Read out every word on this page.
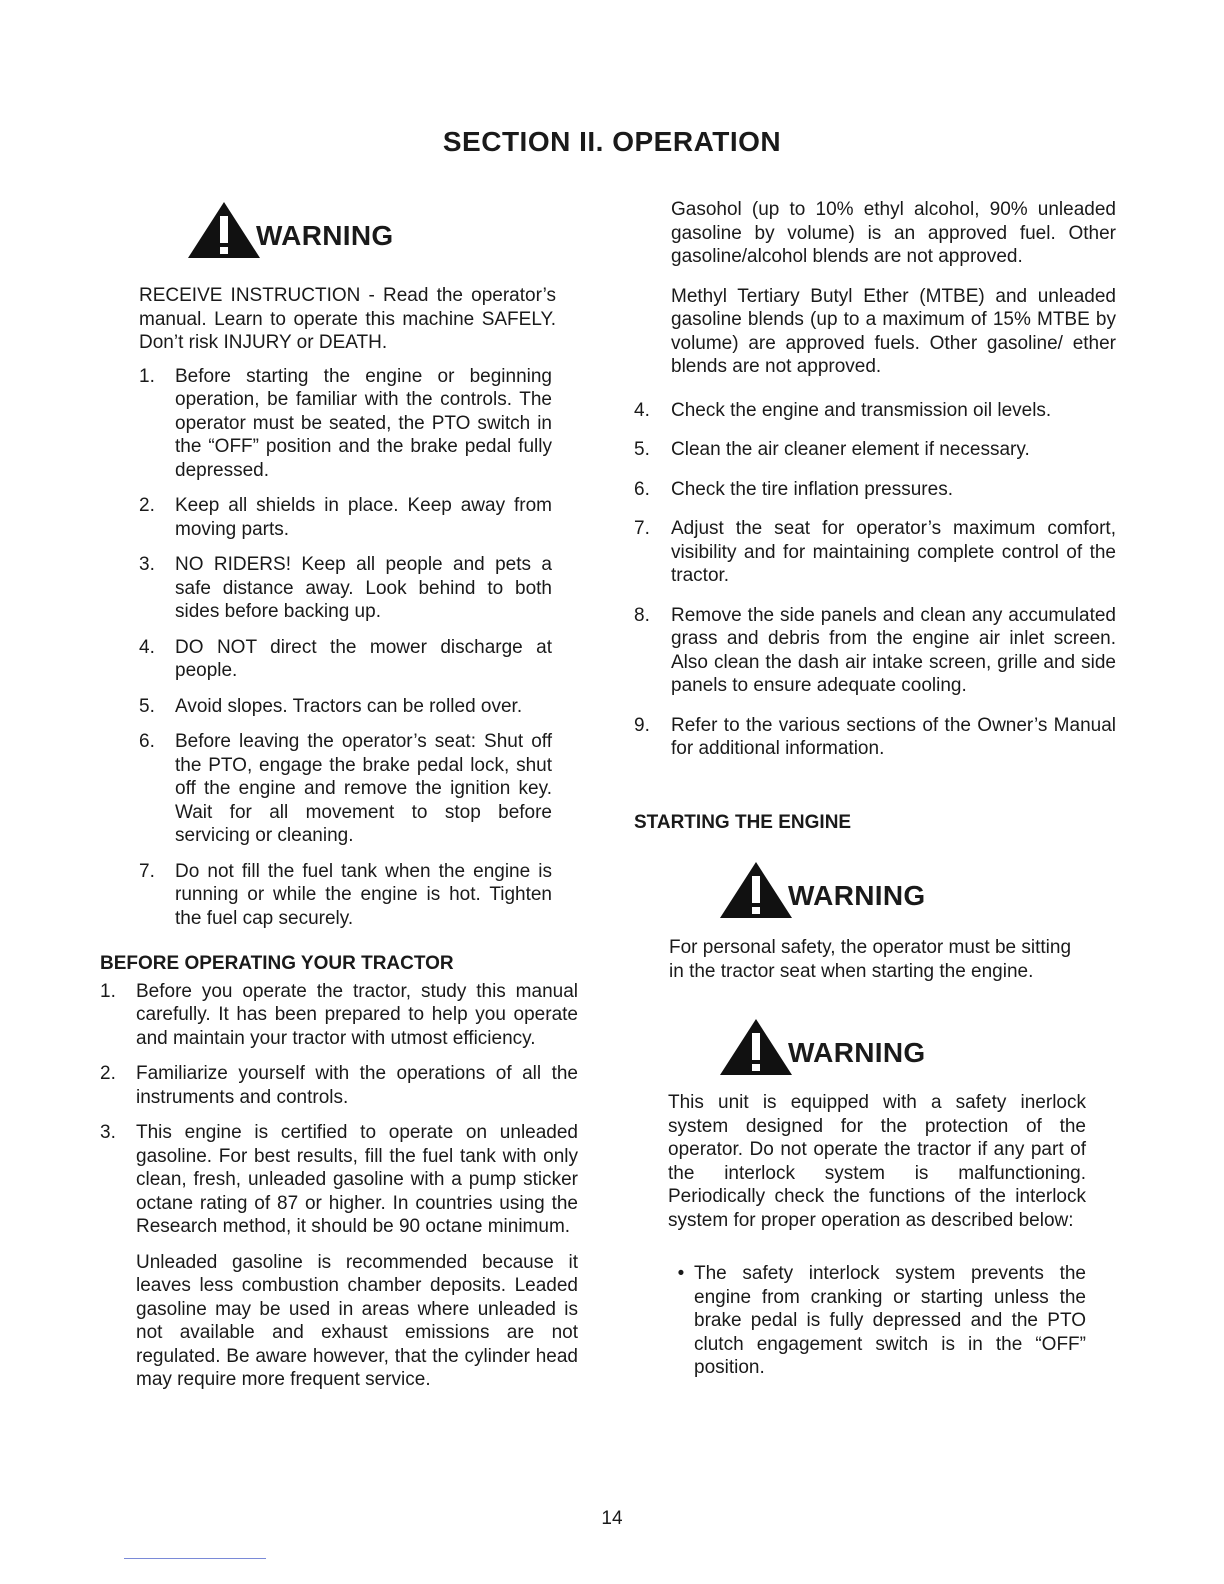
SECTION II. OPERATION
WARNING

RECEIVE INSTRUCTION - Read the operator’s manual. Learn to operate this machine SAFELY. Don’t risk INJURY or DEATH.

1.	Before starting the engine or beginning operation, be familiar with the controls. The operator must be seated, the PTO switch in the “OFF” position and the brake pedal fully depressed.
2.	Keep all shields in place. Keep away from moving parts.
3.	NO RIDERS! Keep all people and pets a safe distance away. Look behind to both sides before backing up.
4.	DO NOT direct the mower discharge at people.
5.	Avoid slopes. Tractors can be rolled over.
6.	Before leaving the operator’s seat: Shut off the PTO, engage the brake pedal lock, shut off the engine and remove the ignition key. Wait for all movement to stop before servicing or cleaning.
7.	Do not fill the fuel tank when the engine is running or while the engine is hot. Tighten the fuel cap securely.
BEFORE OPERATING YOUR TRACTOR
1.	Before you operate the tractor, study this manual carefully. It has been prepared to help you operate and maintain your tractor with utmost efficiency.
2.	Familiarize yourself with the operations of all the instruments and controls.
3.	This engine is certified to operate on unleaded gasoline. For best results, fill the fuel tank with only clean, fresh, unleaded gasoline with a pump sticker octane rating of 87 or higher. In countries using the Research method, it should be 90 octane minimum.

Unleaded gasoline is recommended because it leaves less combustion chamber deposits. Leaded gasoline may be used in areas where unleaded is not available and exhaust emissions are not regulated. Be aware however, that the cylinder head may require more frequent service.

Gasohol (up to 10% ethyl alcohol, 90% unleaded gasoline by volume) is an approved fuel. Other gasoline/alcohol blends are not approved.

Methyl Tertiary Butyl Ether (MTBE) and unleaded gasoline blends (up to a maximum of 15% MTBE by volume) are approved fuels. Other gasoline/ ether blends are not approved.

4.	Check the engine and transmission oil levels.
5.	Clean the air cleaner element if necessary.
6.	Check the tire inflation pressures.
7.	Adjust the seat for operator’s maximum comfort, visibility and for maintaining complete control of the tractor.
8.	Remove the side panels and clean any accumulated grass and debris from the engine air inlet screen. Also clean the dash air intake screen, grille and side panels to ensure adequate cooling.
9.	Refer to the various sections of the Owner’s Manual for additional information.
STARTING THE ENGINE
WARNING

For personal safety, the operator must be sitting in the tractor seat when starting the engine.

WARNING

This unit is equipped with a safety inerlock system designed for the protection of the operator. Do not operate the tractor if any part of the interlock system is malfunctioning. Periodically check the functions of the interlock system for proper operation as described below:

• The safety interlock system prevents the engine from cranking or starting unless the brake pedal is fully depressed and the PTO clutch engagement switch is in the “OFF” position.
14
